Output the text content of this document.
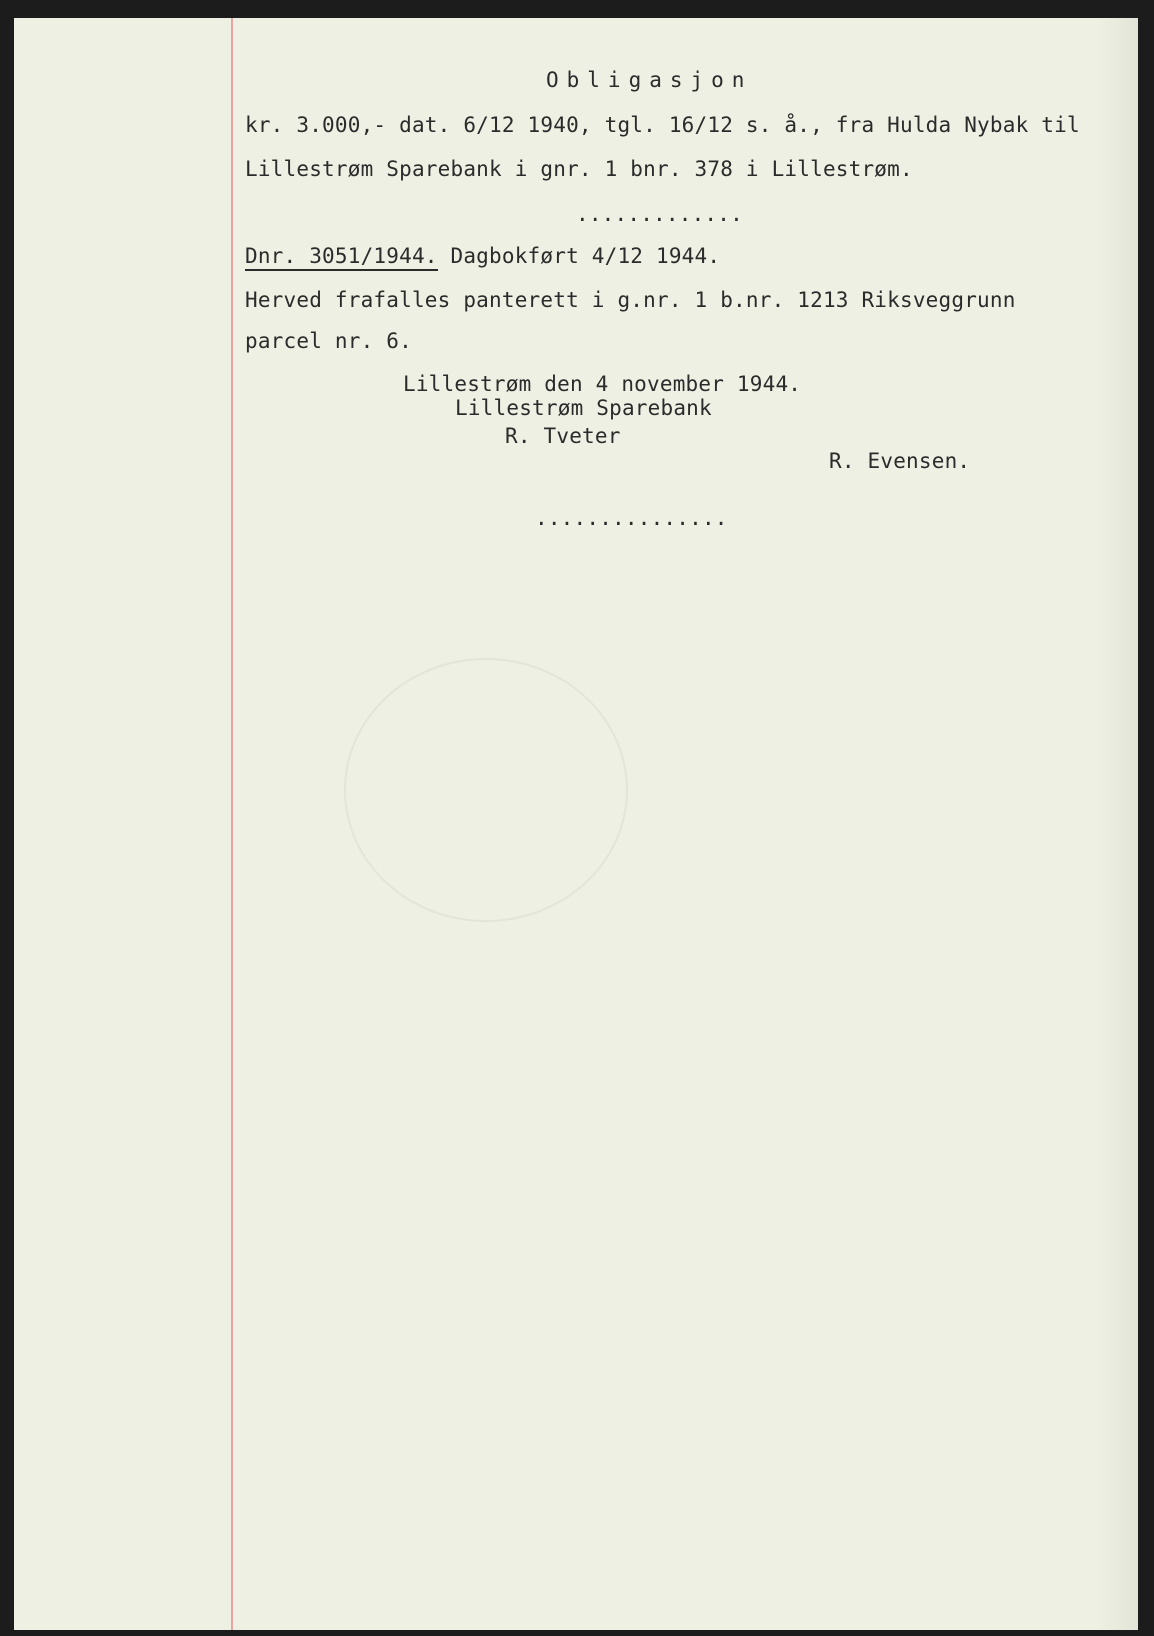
Obligasjon
kr. 3.000,- dat. 6/12 1940, tgl. 16/12 s. å., fra Hulda Nybak til
Lillestrøm Sparebank i gnr. 1 bnr. 378 i Lillestrøm.
.............
Dnr. 3051/1944. Dagbokført 4/12 1944.
Herved frafalles panterett i g.nr. 1 b.nr. 1213 Riksveggrunn
parcel nr. 6.
Lillestrøm den 4 november 1944.
Lillestrøm Sparebank
R. Tveter
R. Evensen.
...............
